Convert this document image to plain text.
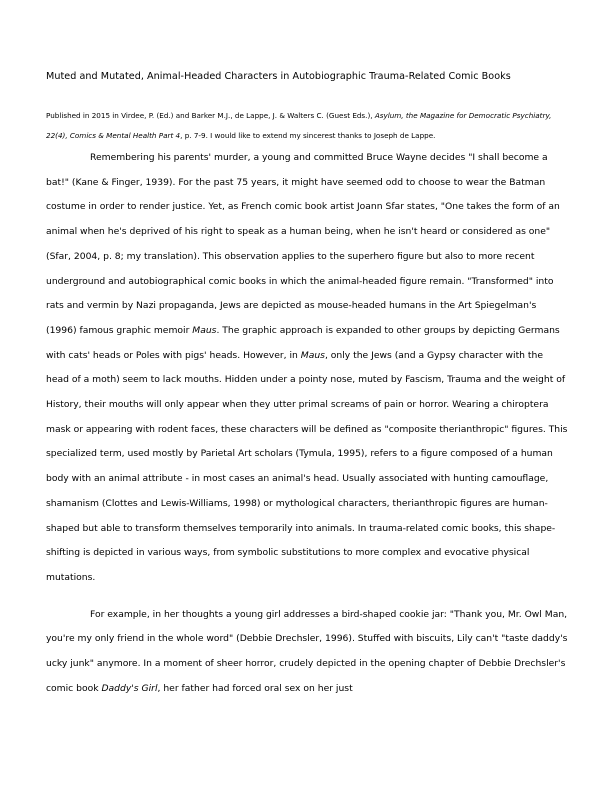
Muted and Mutated, Animal-Headed Characters in Autobiographic Trauma-Related Comic Books
Published in 2015 in Virdee, P. (Ed.) and Barker M.J., de Lappe, J. & Walters C. (Guest Eds.), Asylum, the Magazine for Democratic Psychiatry, 22(4), Comics & Mental Health Part 4, p. 7-9. I would like to extend my sincerest thanks to Joseph de Lappe.

Remembering his parents' murder, a young and committed Bruce Wayne decides "I shall become a bat!" (Kane & Finger, 1939). For the past 75 years, it might have seemed odd to choose to wear the Batman costume in order to render justice. Yet, as French comic book artist Joann Sfar states, "One takes the form of an animal when he's deprived of his right to speak as a human being, when he isn't heard or considered as one" (Sfar, 2004, p. 8; my translation). This observation applies to the superhero figure but also to more recent underground and autobiographical comic books in which the animal-headed figure remain. "Transformed" into rats and vermin by Nazi propaganda, Jews are depicted as mouse-headed humans in the Art Spiegelman's (1996) famous graphic memoir Maus. The graphic approach is expanded to other groups by depicting Germans with cats' heads or Poles with pigs' heads. However, in Maus, only the Jews (and a Gypsy character with the head of a moth) seem to lack mouths. Hidden under a pointy nose, muted by Fascism, Trauma and the weight of History, their mouths will only appear when they utter primal screams of pain or horror. Wearing a chiroptera mask or appearing with rodent faces, these characters will be defined as "composite therianthropic" figures. This specialized term, used mostly by Parietal Art scholars (Tymula, 1995), refers to a figure composed of a human body with an animal attribute - in most cases an animal's head. Usually associated with hunting camouflage, shamanism (Clottes and Lewis-Williams, 1998) or mythological characters, therianthropic figures are human-shaped but able to transform themselves temporarily into animals. In trauma-related comic books, this shape-shifting is depicted in various ways, from symbolic substitutions to more complex and evocative physical mutations.

For example, in her thoughts a young girl addresses a bird-shaped cookie jar: "Thank you, Mr. Owl Man, you're my only friend in the whole word" (Debbie Drechsler, 1996). Stuffed with biscuits, Lily can't "taste daddy's ucky junk" anymore. In a moment of sheer horror, crudely depicted in the opening chapter of Debbie Drechsler's comic book Daddy's Girl, her father had forced oral sex on her just
